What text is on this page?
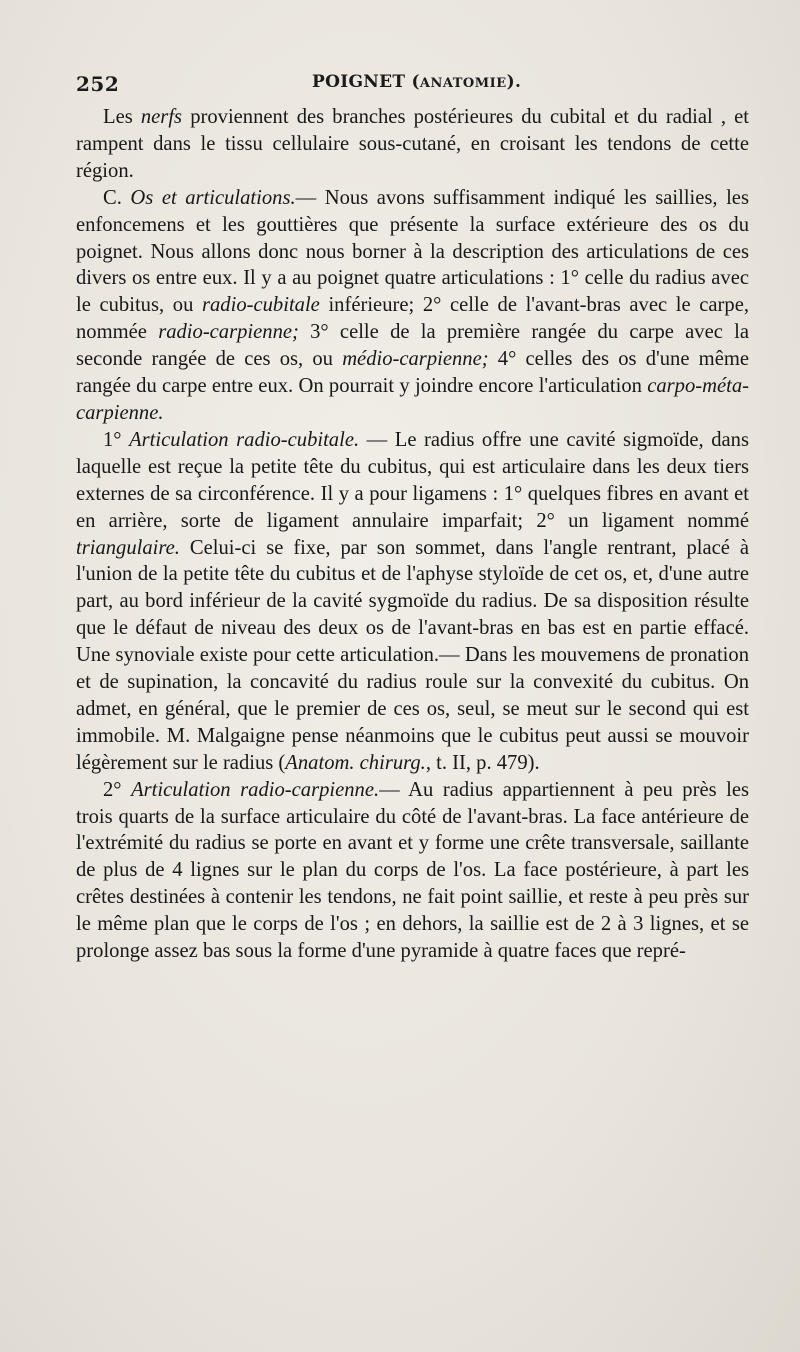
252	POIGNET (ANATOMIE).

Les nerfs proviennent des branches postérieures du cubital et du radial , et rampent dans le tissu cellulaire sous-cutané, en croisant les tendons de cette région.

C. Os et articulations.— Nous avons suffisamment indiqué les saillies, les enfoncemens et les gouttières que présente la surface extérieure des os du poignet. Nous allons donc nous borner à la description des articulations de ces divers os entre eux. Il y a au poignet quatre articulations : 1° celle du radius avec le cubitus, ou radio-cubitale inférieure; 2° celle de l'avant-bras avec le carpe, nommée radio-carpienne; 3° celle de la première rangée du carpe avec la seconde rangée de ces os, ou médio-carpienne; 4° celles des os d'une même rangée du carpe entre eux. On pourrait y joindre encore l'articulation carpo-méta-carpienne.

1° Articulation radio-cubitale. — Le radius offre une cavité sigmoïde, dans laquelle est reçue la petite tête du cubitus, qui est articulaire dans les deux tiers externes de sa circonférence. Il y a pour ligamens : 1° quelques fibres en avant et en arrière, sorte de ligament annulaire imparfait; 2° un ligament nommé triangulaire. Celui-ci se fixe, par son sommet, dans l'angle rentrant, placé à l'union de la petite tête du cubitus et de l'aphyse styloïde de cet os, et, d'une autre part, au bord inférieur de la cavité sygmoïde du radius. De sa disposition résulte que le défaut de niveau des deux os de l'avant-bras en bas est en partie effacé. Une synoviale existe pour cette articulation.— Dans les mouvemens de pronation et de supination, la concavité du radius roule sur la convexité du cubitus. On admet, en général, que le premier de ces os, seul, se meut sur le second qui est immobile. M. Malgaigne pense néanmoins que le cubitus peut aussi se mouvoir légèrement sur le radius (Anatom. chirurg., t. II, p. 479).

2° Articulation radio-carpienne.— Au radius appartiennent à peu près les trois quarts de la surface articulaire du côté de l'avant-bras. La face antérieure de l'extrémité du radius se porte en avant et y forme une crête transversale, saillante de plus de 4 lignes sur le plan du corps de l'os. La face postérieure, à part les crêtes destinées à contenir les tendons, ne fait point saillie, et reste à peu près sur le même plan que le corps de l'os ; en dehors, la saillie est de 2 à 3 lignes, et se prolonge assez bas sous la forme d'une pyramide à quatre faces que repré-
